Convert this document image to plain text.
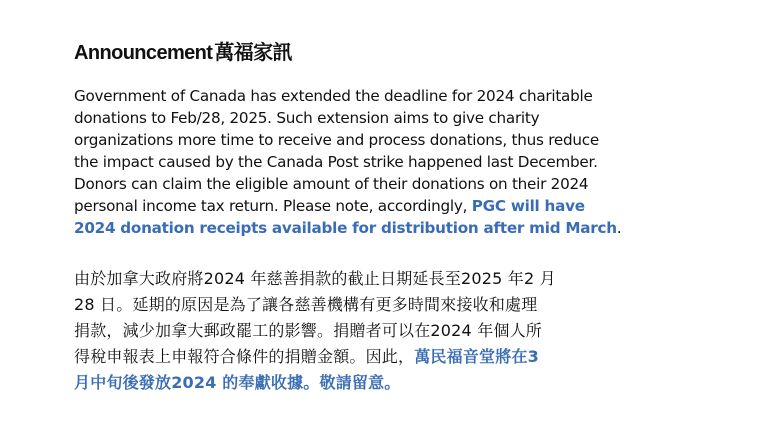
Announcement 萬福家訊
Government of Canada has extended the deadline for 2024 charitable
donations to Feb/28, 2025. Such extension aims to give charity
organizations more time to receive and process donations, thus reduce
the impact caused by the Canada Post strike happened last December.
Donors can claim the eligible amount of their donations on their 2024
personal income tax return. Please note, accordingly, PGC will have
2024 donation receipts available for distribution after mid March.
由於加拿大政府將2024 年慈善捐款的截止日期延長至2025 年2 月
28 日。延期的原因是為了讓各慈善機構有更多時間來接收和處理
捐款，減少加拿大郵政罷工的影響。捐贈者可以在2024 年個人所
得稅申報表上申報符合條件的捐贈金額。因此，萬民福音堂將在3
月中旬後發放2024 的奉獻收據。敬請留意。
